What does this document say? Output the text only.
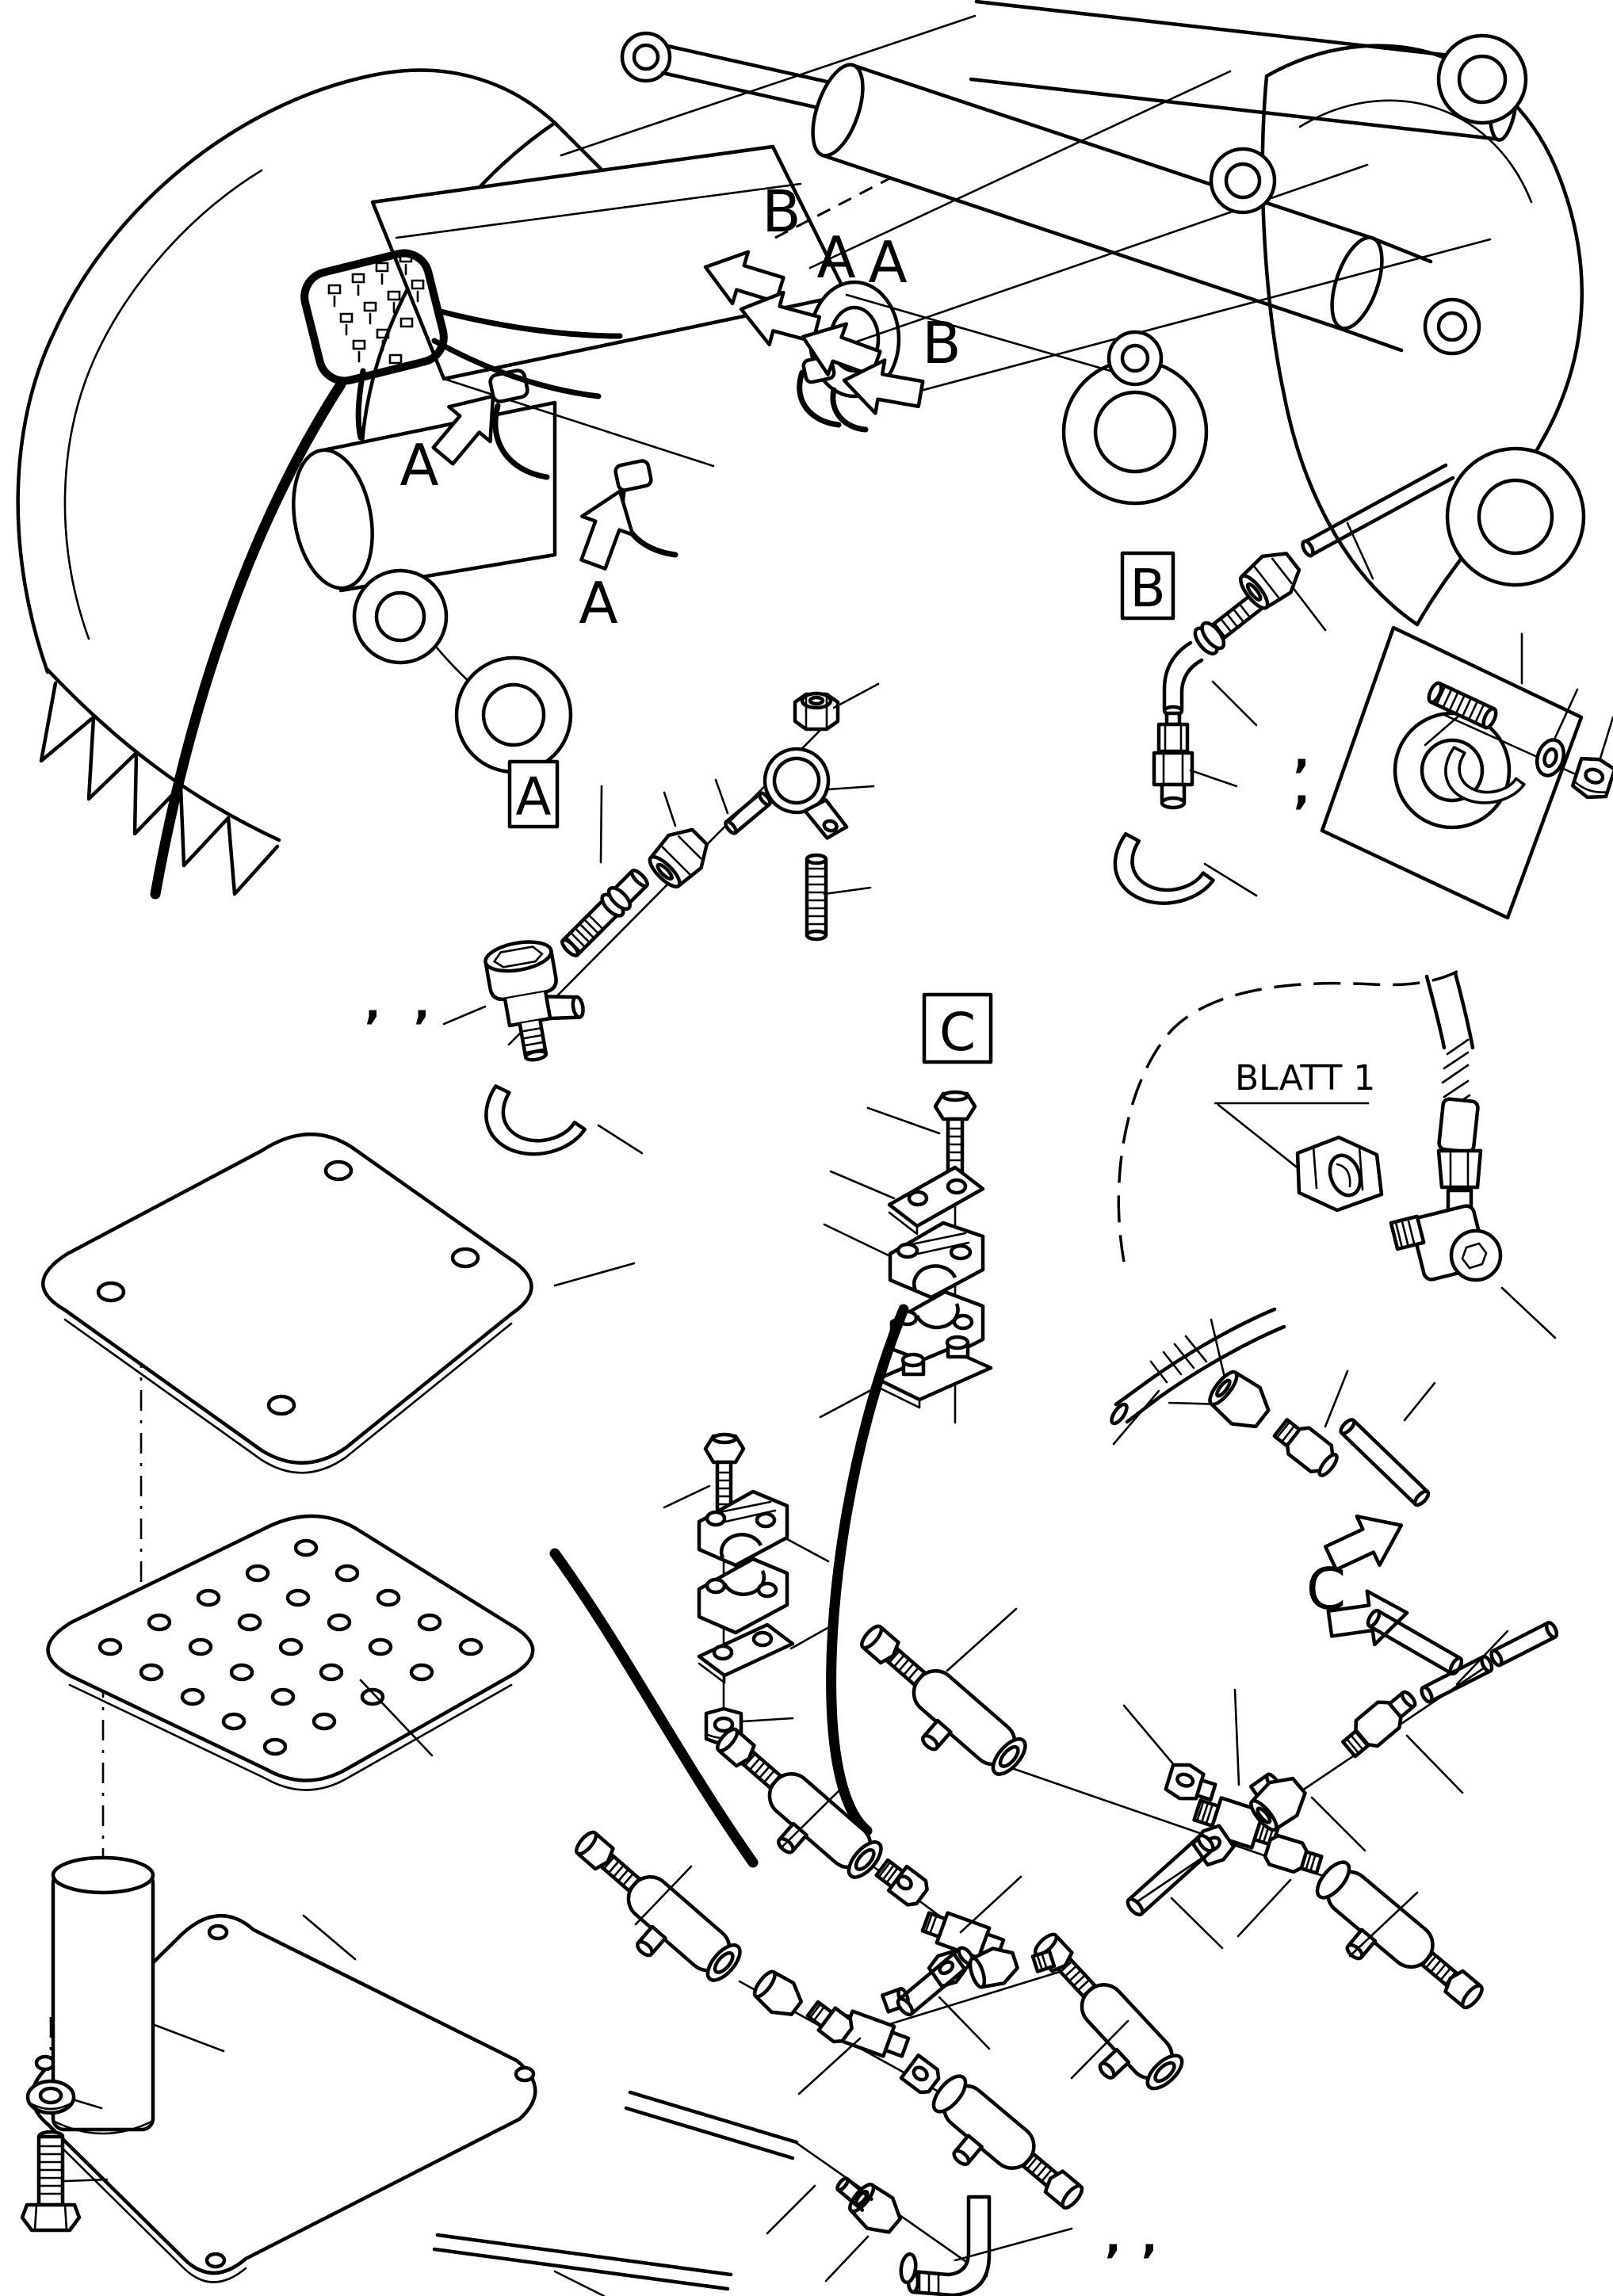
B
A A
B
A
A
C
A
B
C
, ,
,
,
BLATT 1
, ,
